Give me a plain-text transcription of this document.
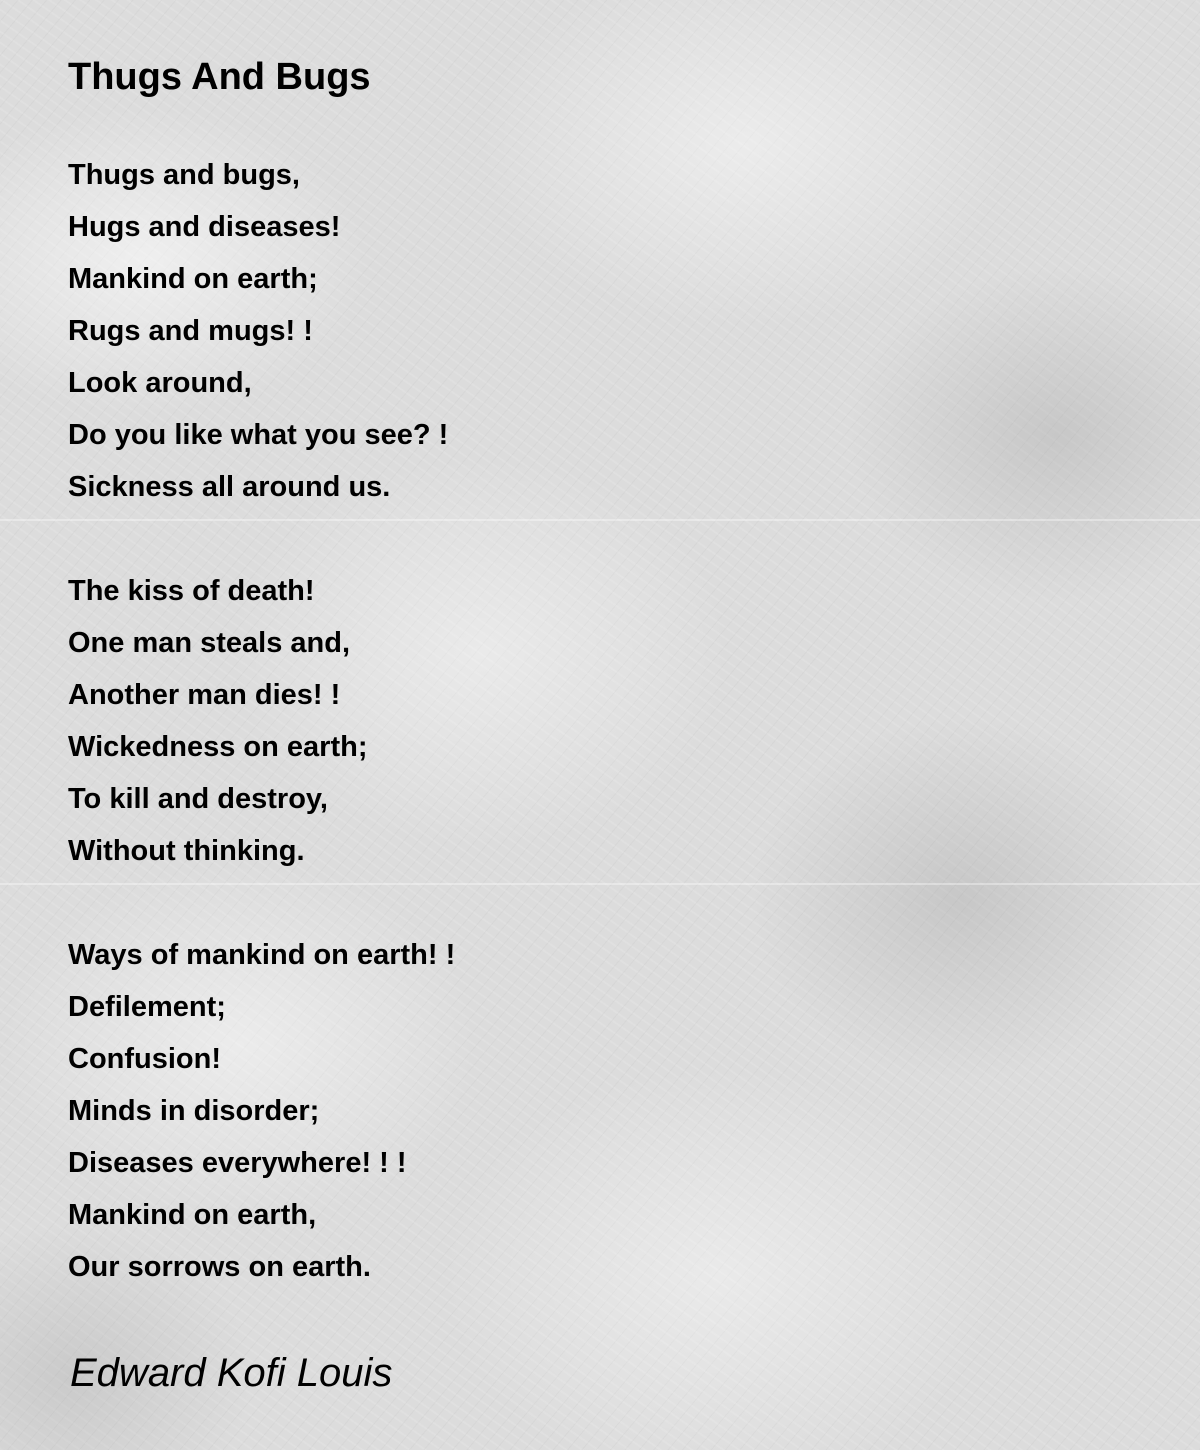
Thugs And Bugs
Thugs and bugs,
Hugs and diseases!
Mankind on earth;
Rugs and mugs! !
Look around,
Do you like what you see? !
Sickness all around us.
The kiss of death!
One man steals and,
Another man dies! !
Wickedness on earth;
To kill and destroy,
Without thinking.
Ways of mankind on earth! !
Defilement;
Confusion!
Minds in disorder;
Diseases everywhere! ! !
Mankind on earth,
Our sorrows on earth.

Edward Kofi Louis
